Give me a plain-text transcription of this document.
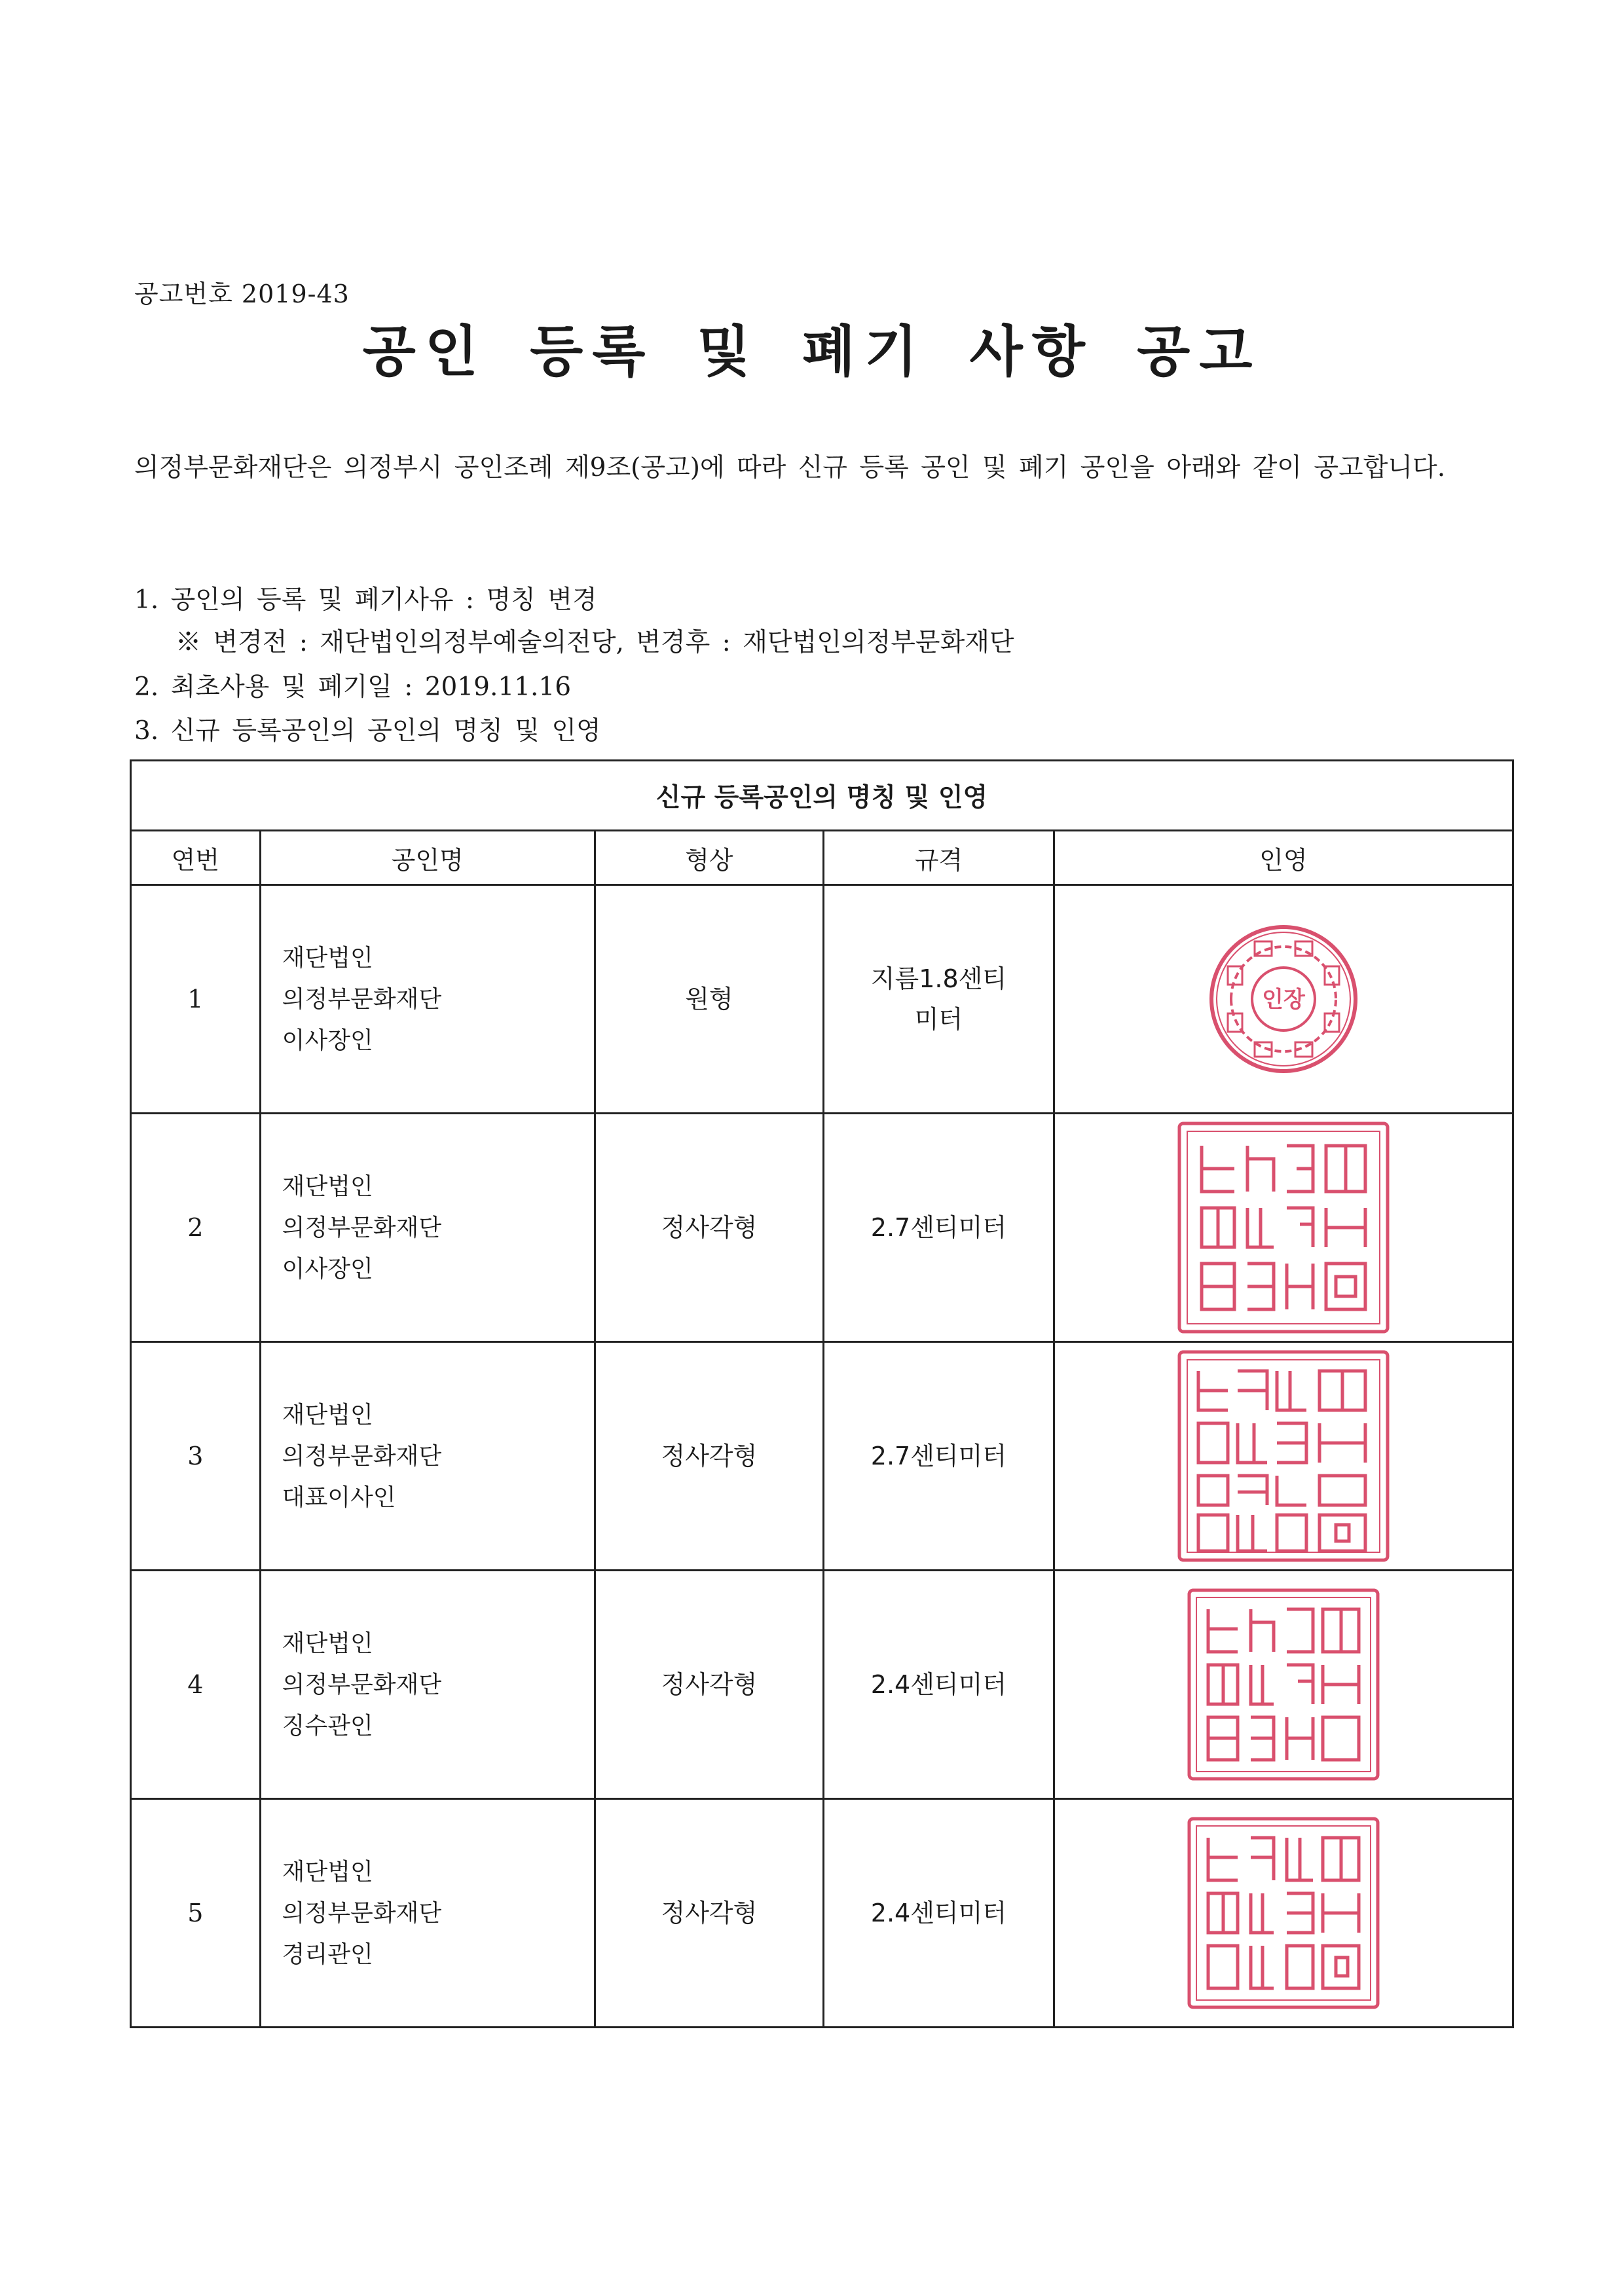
공고번호 2019-43
공인 등록 및 폐기 사항 공고
의정부문화재단은 의정부시 공인조례 제9조(공고)에 따라 신규 등록 공인 및 폐기 공인을 아래와 같이 공고합니다.
1. 공인의 등록 및 폐기사유 : 명칭 변경
※ 변경전 : 재단법인의정부예술의전당, 변경후 : 재단법인의정부문화재단
2. 최초사용 및 폐기일 : 2019.11.16
3. 신규 등록공인의 공인의 명칭 및 인영
신규 등록공인의 명칭 및 인영				
연번	공인명	형상	규격	인영
1	재단법인
의정부문화재단
이사장인	원형	지름1.8센티미터	인장

2	재단법인
의정부문화재단
이사장인	정사각형	2.7센티미터	
3	재단법인
의정부문화재단
대표이사인	정사각형	2.7센티미터	
4	재단법인
의정부문화재단
징수관인	정사각형	2.4센티미터	
5	재단법인
의정부문화재단
경리관인	정사각형	2.4센티미터	
